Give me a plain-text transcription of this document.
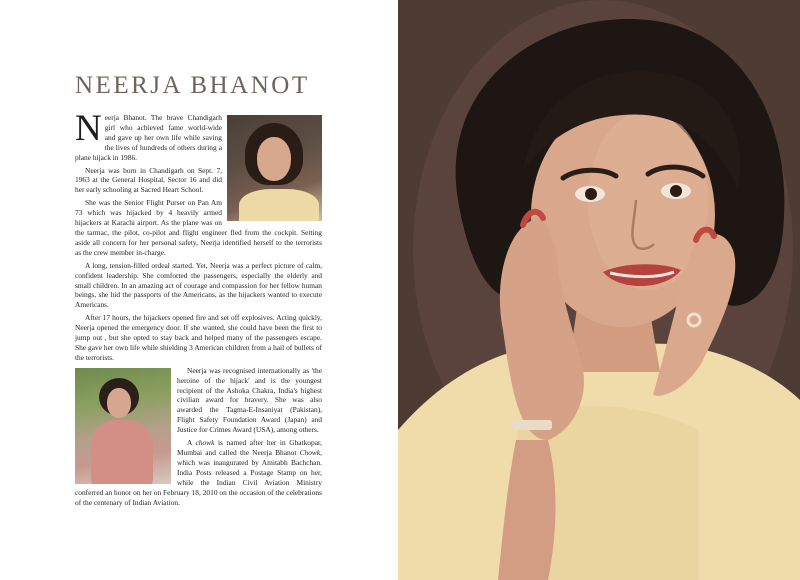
NEERJA BHANOT

Neerja Bhanot. The brave Chandigarh girl who achieved fame world-wide and gave up her own life while saving the lives of hundreds of others during a plane hijack in 1986.

Neerja was born in Chandigarh on Sept. 7, 1963 at the General Hospital, Sector 16 and did her early schooling at Sacred Heart School.

She was the Senior Flight Purser on Pan Am 73 which was hijacked by 4 heavily armed hijackers at Karachi airport. As the plane was on the tarmac, the pilot, co-pilot and flight engineer fled from the cockpit. Setting aside all concern for her personal safety, Neerja identified herself to the terrorists as the crew member in-charge.

A long, tension-filled ordeal started. Yet, Neerja was a perfect picture of calm, confident leadership. She comforted the passengers, especially the elderly and small children. In an amazing act of courage and compassion for her fellow human beings, she hid the passports of the Americans, as the hijackers wanted to execute Americans.

After 17 hours, the hijackers opened fire and set off explosives. Acting quickly, Neerja opened the emergency door. If she wanted, she could have been the first to jump out , but she opted to stay back and helped many of the passengers escape. She gave her own life while shielding 3 American children from a hail of bullets of the terrorists.

Neerja was recognised internationally as 'the heroine of the hijack' and is the youngest recipient of the Ashoka Chakra, India's highest civilian award for bravery. She was also awarded the Tagma-E-Insaniyat (Pakistan), Flight Safety Foundation Award (Japan) and Justice for Crimes Award (USA), among others.

A chowk is named after her in Ghatkopar, Mumbai and called the Neerja Bhanot Chowk, which was inaugurated by Amitabh Bachchan. India Posts released a Postage Stamp on her, while the Indian Civil Aviation Ministry conferred an honor on her on February 18, 2010 on the occasion of the celebrations of the centenary of Indian Aviation.
